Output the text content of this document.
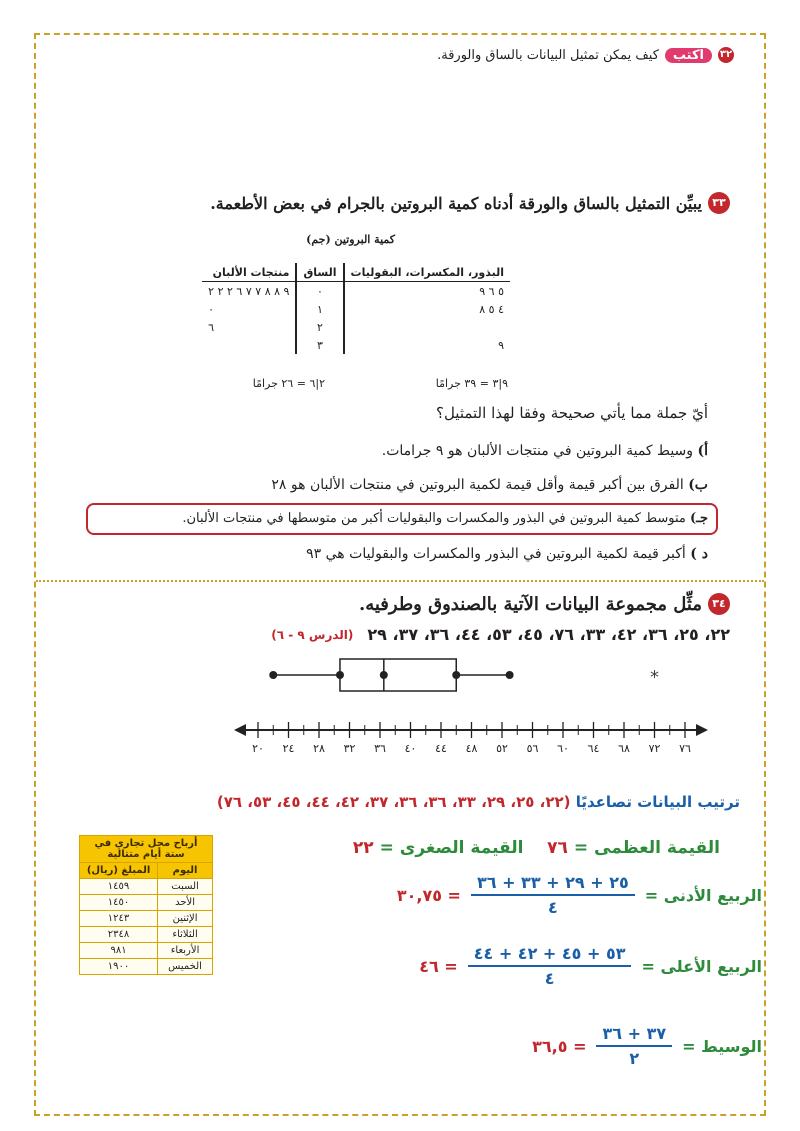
٣٢
اكتب
كيف يمكن تمثيل البيانات بالساق والورقة.
٣٣
يبيِّن التمثيل بالساق والورقة أدناه كمية البروتين بالجرام في بعض الأطعمة.
كمية البروتين (جم)
البذور، المكسرات، البقوليات	الساق	منتجات الألبان
٥ ٦ ٩	٠	٩ ٨ ٨ ٧ ٧ ٦ ٢ ٢ ٢
٤ ٥ ٨	١	٠
	٢	٦
٩	٣	
٩|٣ = ٣٩ جرامًا
٢|٦ = ٢٦ جرامًا
أيّ جملة مما يأتي صحيحة وفقا لهذا التمثيل؟
أ) وسيط كمية البروتين في منتجات الألبان هو ٩ جرامات.
ب) الفرق بين أكبر قيمة وأقل قيمة لكمية البروتين في منتجات الألبان هو ٢٨
جـ) متوسط كمية البروتين في البذور والمكسرات والبقوليات أكبر من متوسطها في منتجات الألبان.
د ) أكبر قيمة لكمية البروتين في البذور والمكسرات والبقوليات هي ٩٣
٣٤
مثِّل مجموعة البيانات الآتية بالصندوق وطرفيه.
٢٢، ٢٥، ٣٦، ٤٢، ٣٣، ٧٦، ٤٥، ٥٣، ٤٤، ٣٦، ٣٧، ٢٩
(الدرس ٩ - ٦)
٢٠ ٢٤ ٢٨ ٣٢ ٣٦ ٤٠ ٤٤ ٤٨ ٥٢ ٥٦ ٦٠ ٦٤ ٦٨ ٧٢ ٧٦
*
ترتيب البيانات تصاعديًا (٢٢، ٢٥، ٢٩، ٣٣، ٣٦، ٣٦، ٣٧، ٤٢، ٤٤، ٤٥، ٥٣، ٧٦)
القيمة العظمى = ٧٦    القيمة الصغرى = ٢٢
الربيع الأدنى =
$\frac{٢٥ + ٢٩ + ٣٣ + ٣٦}{٤}$
= ٣٠,٧٥
الربيع الأعلى =
$\frac{٥٣ + ٤٥ + ٤٢ + ٤٤}{٤}$
= ٤٦
الوسيط =
$\frac{٣٧ + ٣٦}{٢}$
= ٣٦,٥
أرباح محل تجاري في ستة أيام متتالية	
اليوم	المبلغ (ريال)
السبت	١٤٥٩
الأحد	١٤٥٠
الإثنين	١٢٤٣
الثلاثاء	٢٣٤٨
الأربعاء	٩٨١
الخميس	١٩٠٠
